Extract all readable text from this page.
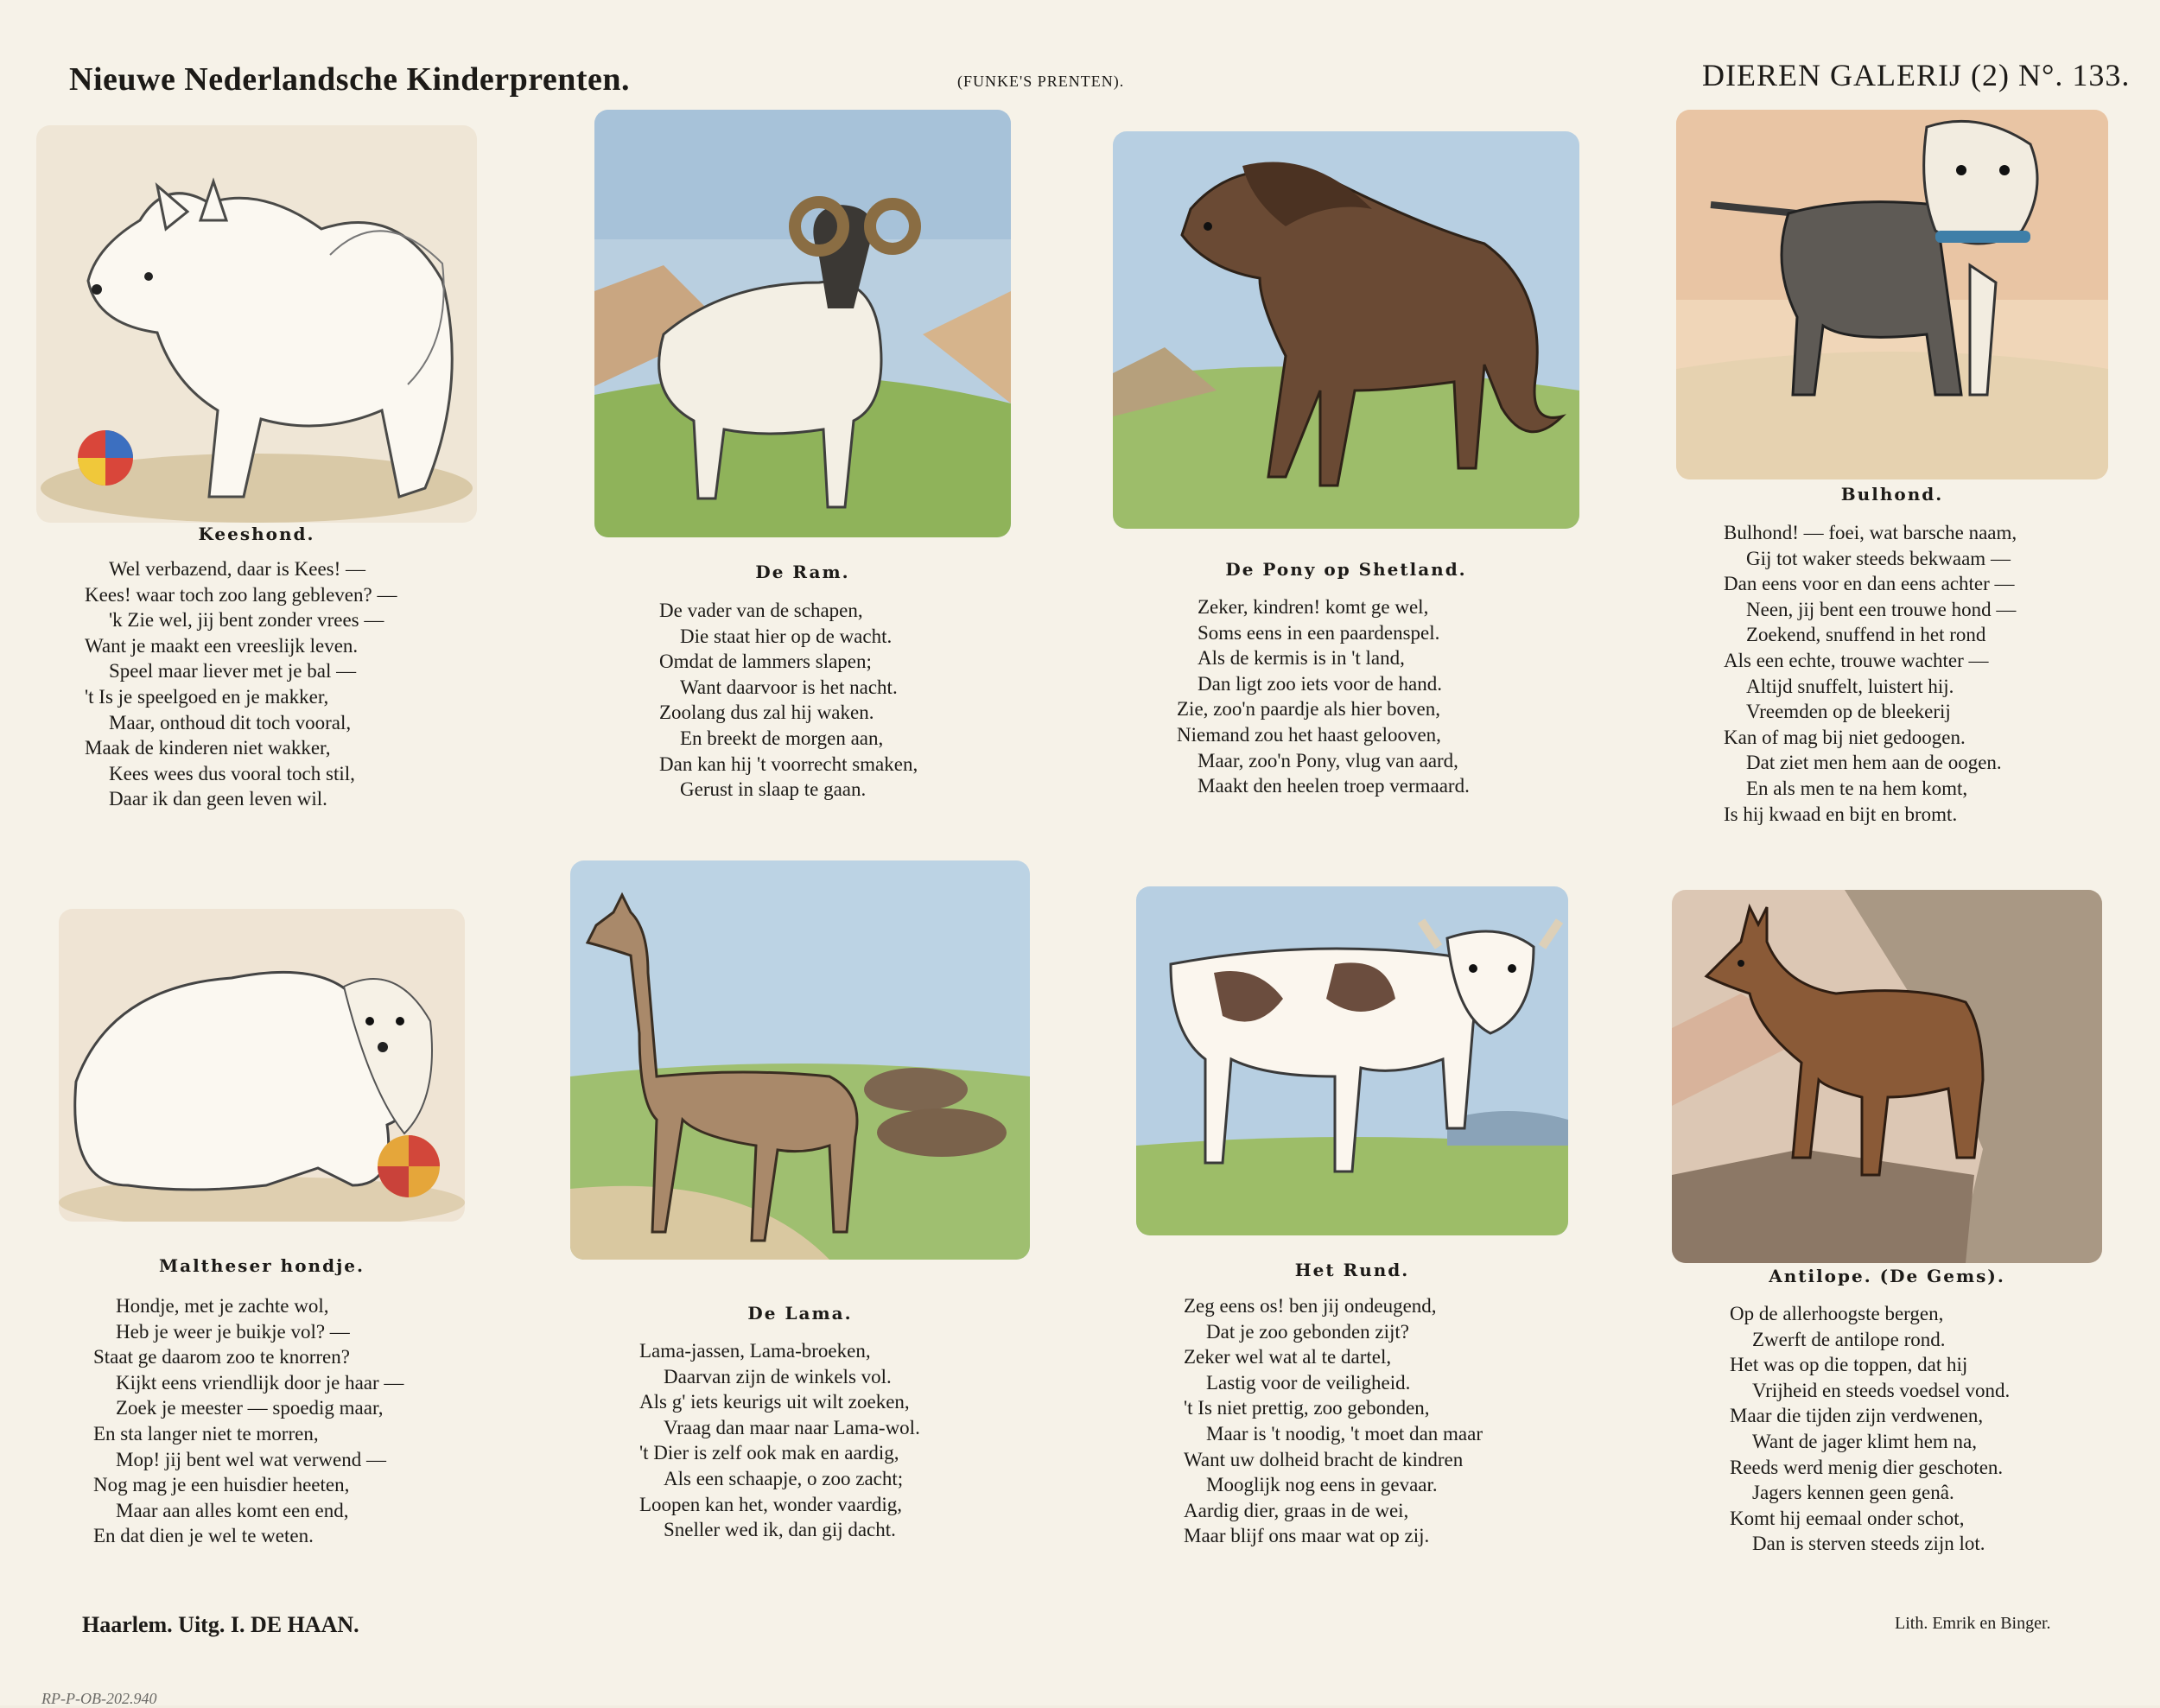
Nieuwe Nederlandsche Kinderprenten.	(FUNKE'S PRENTEN).	DIEREN GALERIJ (2) N°. 133.
Keeshond.
Wel verbazend, daar is Kees! —
Kees! waar toch zoo lang gebleven? —
'k Zie wel, jij bent zonder vrees —
Want je maakt een vreeslijk leven.
Speel maar liever met je bal —
't Is je speelgoed en je makker,
Maar, onthoud dit toch vooral,
Maak de kinderen niet wakker,
Kees wees dus vooral toch stil,
Daar ik dan geen leven wil.
De Ram.
De vader van de schapen,
Die staat hier op de wacht.
Omdat de lammers slapen;
Want daarvoor is het nacht.
Zoolang dus zal hij waken.
En breekt de morgen aan,
Dan kan hij 't voorrecht smaken,
Gerust in slaap te gaan.
De Pony op Shetland.
Zeker, kindren! komt ge wel,
Soms eens in een paardenspel.
Als de kermis is in 't land,
Dan ligt zoo iets voor de hand.
Zie, zoo'n paardje als hier boven,
Niemand zou het haast gelooven,
Maar, zoo'n Pony, vlug van aard,
Maakt den heelen troep vermaard.
Bulhond.
Bulhond! — foei, wat barsche naam,
Gij tot waker steeds bekwaam —
Dan eens voor en dan eens achter —
Neen, jij bent een trouwe hond —
Zoekend, snuffend in het rond
Als een echte, trouwe wachter —
Altijd snuffelt, luistert hij.
Vreemden op de bleekerij
Kan of mag bij niet gedoogen.
Dat ziet men hem aan de oogen.
En als men te na hem komt,
Is hij kwaad en bijt en bromt.
Maltheser hondje.
Hondje, met je zachte wol,
Heb je weer je buikje vol? —
Staat ge daarom zoo te knorren?
Kijkt eens vriendlijk door je haar —
Zoek je meester — spoedig maar,
En sta langer niet te morren,
Mop! jij bent wel wat verwend —
Nog mag je een huisdier heeten,
Maar aan alles komt een end,
En dat dien je wel te weten.
De Lama.
Lama-jassen, Lama-broeken,
Daarvan zijn de winkels vol.
Als g' iets keurigs uit wilt zoeken,
Vraag dan maar naar Lama-wol.
't Dier is zelf ook mak en aardig,
Als een schaapje, o zoo zacht;
Loopen kan het, wonder vaardig,
Sneller wed ik, dan gij dacht.
Het Rund.
Zeg eens os! ben jij ondeugend,
Dat je zoo gebonden zijt?
Zeker wel wat al te dartel,
Lastig voor de veiligheid.
't Is niet prettig, zoo gebonden,
Maar is 't noodig, 't moet dan maar
Want uw dolheid bracht de kindren
Mooglijk nog eens in gevaar.
Aardig dier, graas in de wei,
Maar blijf ons maar wat op zij.
Antilope. (De Gems).
Op de allerhoogste bergen,
Zwerft de antilope rond.
Het was op die toppen, dat hij
Vrijheid en steeds voedsel vond.
Maar die tijden zijn verdwenen,
Want de jager klimt hem na,
Reeds werd menig dier geschoten.
Jagers kennen geen genâ.
Komt hij eemaal onder schot,
Dan is sterven steeds zijn lot.
Haarlem. Uitg. I. DE HAAN.	Lith. Emrik en Binger.
RP-P-OB-202.940
